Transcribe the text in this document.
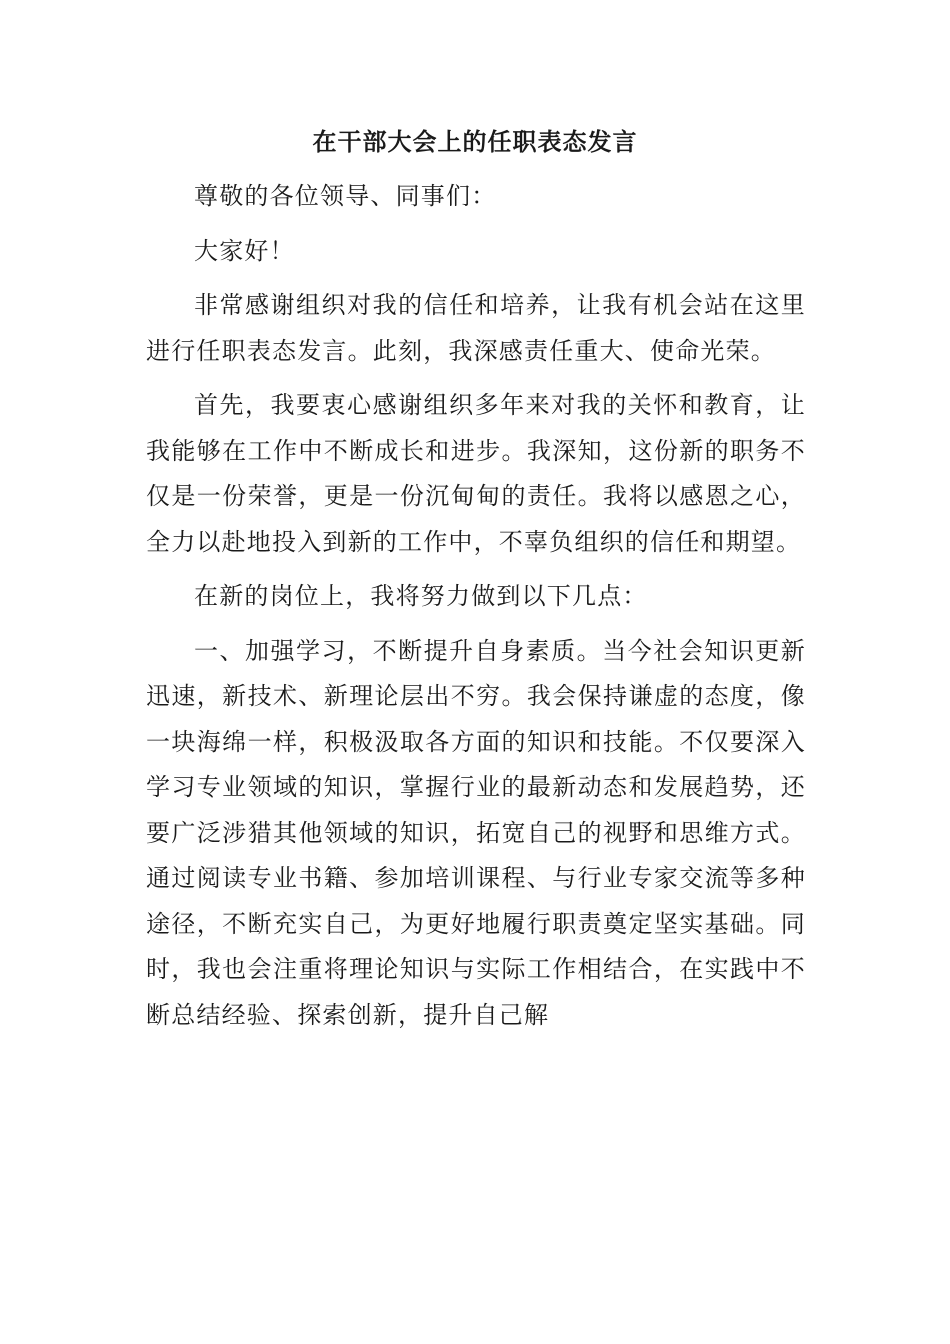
在干部大会上的任职表态发言

尊敬的各位领导、同事们：

大家好！

非常感谢组织对我的信任和培养，让我有机会站在这里进行任职表态发言。此刻，我深感责任重大、使命光荣。

首先，我要衷心感谢组织多年来对我的关怀和教育，让我能够在工作中不断成长和进步。我深知，这份新的职务不仅是一份荣誉，更是一份沉甸甸的责任。我将以感恩之心，全力以赴地投入到新的工作中，不辜负组织的信任和期望。

在新的岗位上，我将努力做到以下几点：

一、加强学习，不断提升自身素质。当今社会知识更新迅速，新技术、新理论层出不穷。我会保持谦虚的态度，像一块海绵一样，积极汲取各方面的知识和技能。不仅要深入学习专业领域的知识，掌握行业的最新动态和发展趋势，还要广泛涉猎其他领域的知识，拓宽自己的视野和思维方式。通过阅读专业书籍、参加培训课程、与行业专家交流等多种途径，不断充实自己，为更好地履行职责奠定坚实基础。同时，我也会注重将理论知识与实际工作相结合，在实践中不断总结经验、探索创新，提升自己解
